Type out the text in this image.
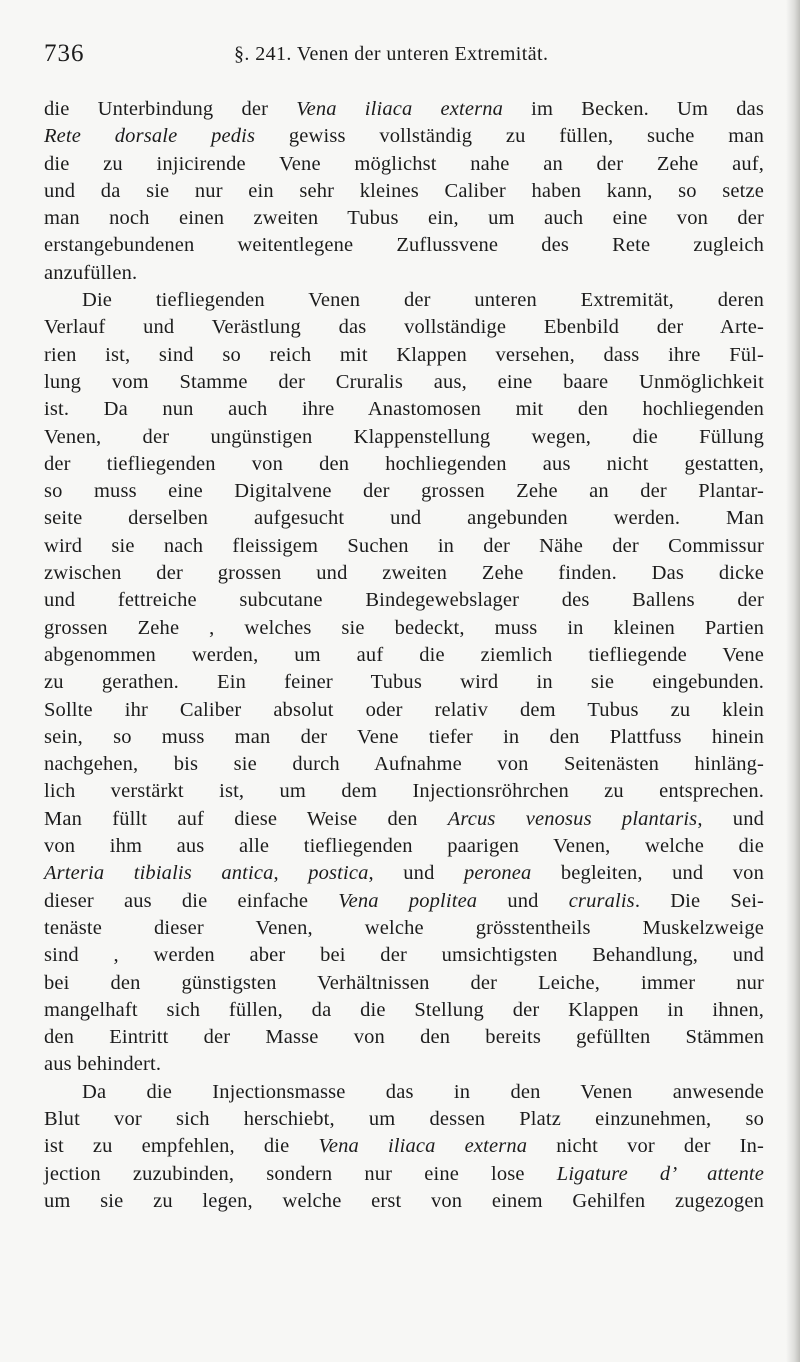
736	§. 241. Venen der unteren Extremität.
die Unterbindung der Vena iliaca externa im Becken. Um das
Rete dorsale pedis gewiss vollständig zu füllen, suche man
die zu injicirende Vene möglichst nahe an der Zehe auf,
und da sie nur ein sehr kleines Caliber haben kann, so setze
man noch einen zweiten Tubus ein, um auch eine von der
erstangebundenen weitentlegene Zuflussvene des Rete zugleich
anzufüllen.
Die tiefliegenden Venen der unteren Extremität, deren
Verlauf und Verästlung das vollständige Ebenbild der Arte-
rien ist, sind so reich mit Klappen versehen, dass ihre Fül-
lung vom Stamme der Cruralis aus, eine baare Unmöglichkeit
ist. Da nun auch ihre Anastomosen mit den hochliegenden
Venen, der ungünstigen Klappenstellung wegen, die Füllung
der tiefliegenden von den hochliegenden aus nicht gestatten,
so muss eine Digitalvene der grossen Zehe an der Plantar-
seite derselben aufgesucht und angebunden werden. Man
wird sie nach fleissigem Suchen in der Nähe der Commissur
zwischen der grossen und zweiten Zehe finden. Das dicke
und fettreiche subcutane Bindegewebslager des Ballens der
grossen Zehe , welches sie bedeckt, muss in kleinen Partien
abgenommen werden, um auf die ziemlich tiefliegende Vene
zu gerathen. Ein feiner Tubus wird in sie eingebunden.
Sollte ihr Caliber absolut oder relativ dem Tubus zu klein
sein, so muss man der Vene tiefer in den Plattfuss hinein
nachgehen, bis sie durch Aufnahme von Seitenästen hinläng-
lich verstärkt ist, um dem Injectionsröhrchen zu entsprechen.
Man füllt auf diese Weise den Arcus venosus plantaris, und
von ihm aus alle tiefliegenden paarigen Venen, welche die
Arteria tibialis antica, postica, und peronea begleiten, und von
dieser aus die einfache Vena poplitea und cruralis. Die Sei-
tenäste dieser Venen, welche grösstentheils Muskelzweige
sind , werden aber bei der umsichtigsten Behandlung, und
bei den günstigsten Verhältnissen der Leiche, immer nur
mangelhaft sich füllen, da die Stellung der Klappen in ihnen,
den Eintritt der Masse von den bereits gefüllten Stämmen
aus behindert.
Da die Injectionsmasse das in den Venen anwesende
Blut vor sich herschiebt, um dessen Platz einzunehmen, so
ist zu empfehlen, die Vena iliaca externa nicht vor der In-
jection zuzubinden, sondern nur eine lose Ligature d’ attente
um sie zu legen, welche erst von einem Gehilfen zugezogen
